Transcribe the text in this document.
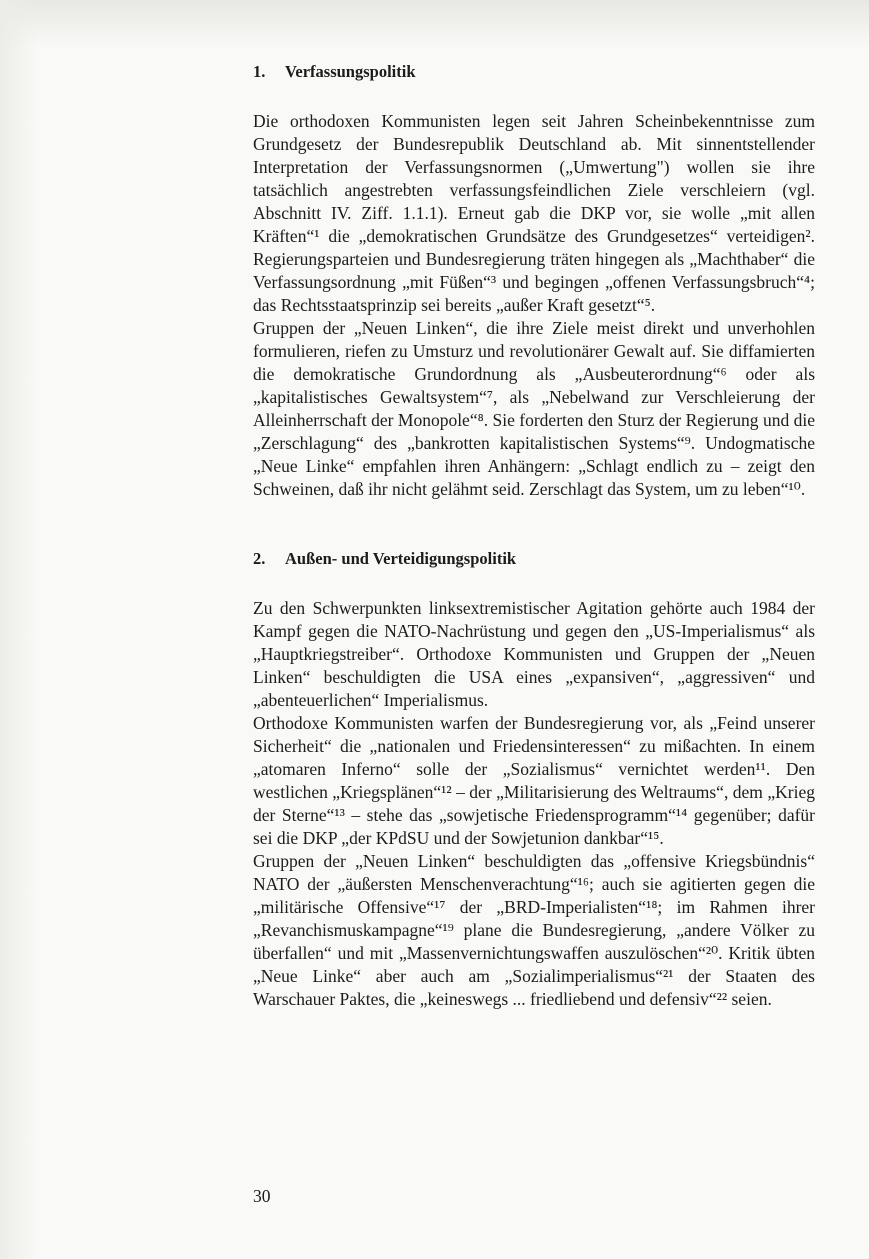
1.	Verfassungspolitik

Die orthodoxen Kommunisten legen seit Jahren Scheinbekenntnisse zum Grundgesetz der Bundesrepublik Deutschland ab. Mit sinnentstellender Interpretation der Verfassungsnormen („Umwertung") wollen sie ihre tatsächlich angestrebten verfassungsfeindlichen Ziele verschleiern (vgl. Abschnitt IV. Ziff. 1.1.1). Erneut gab die DKP vor, sie wolle „mit allen Kräften“¹ die „demokratischen Grundsätze des Grundgesetzes“ verteidigen². Regierungsparteien und Bundesregierung träten hingegen als „Machthaber“ die Verfassungsordnung „mit Füßen“³ und begingen „offenen Verfassungsbruch“⁴; das Rechtsstaatsprinzip sei bereits „außer Kraft gesetzt“⁵.

Gruppen der „Neuen Linken“, die ihre Ziele meist direkt und unverhohlen formulieren, riefen zu Umsturz und revolutionärer Gewalt auf. Sie diffamierten die demokratische Grundordnung als „Ausbeuterordnung“⁶ oder als „kapitalistisches Gewaltsystem“⁷, als „Nebelwand zur Verschleierung der Alleinherrschaft der Monopole“⁸. Sie forderten den Sturz der Regierung und die „Zerschlagung“ des „bankrotten kapitalistischen Systems“⁹. Undogmatische „Neue Linke“ empfahlen ihren Anhängern: „Schlagt endlich zu – zeigt den Schweinen, daß ihr nicht gelähmt seid. Zerschlagt das System, um zu leben“¹⁰.

2.	Außen- und Verteidigungspolitik

Zu den Schwerpunkten linksextremistischer Agitation gehörte auch 1984 der Kampf gegen die NATO-Nachrüstung und gegen den „US-Imperialismus“ als „Hauptkriegstreiber“. Orthodoxe Kommunisten und Gruppen der „Neuen Linken“ beschuldigten die USA eines „expansiven“, „aggressiven“ und „abenteuerlichen“ Imperialismus.

Orthodoxe Kommunisten warfen der Bundesregierung vor, als „Feind unserer Sicherheit“ die „nationalen und Friedensinteressen“ zu mißachten. In einem „atomaren Inferno“ solle der „Sozialismus“ vernichtet werden¹¹. Den westlichen „Kriegsplänen“¹² – der „Militarisierung des Weltraums“, dem „Krieg der Sterne“¹³ – stehe das „sowjetische Friedensprogramm“¹⁴ gegenüber; dafür sei die DKP „der KPdSU und der Sowjetunion dankbar“¹⁵.

Gruppen der „Neuen Linken“ beschuldigten das „offensive Kriegsbündnis“ NATO der „äußersten Menschenverachtung“¹⁶; auch sie agitierten gegen die „militärische Offensive“¹⁷ der „BRD-Imperialisten“¹⁸; im Rahmen ihrer „Revanchismuskampagne“¹⁹ plane die Bundesregierung, „andere Völker zu überfallen“ und mit „Massenvernichtungswaffen auszulöschen“²⁰. Kritik übten „Neue Linke“ aber auch am „Sozialimperialismus“²¹ der Staaten des Warschauer Paktes, die „keineswegs ... friedliebend und defensiv“²² seien.

30
